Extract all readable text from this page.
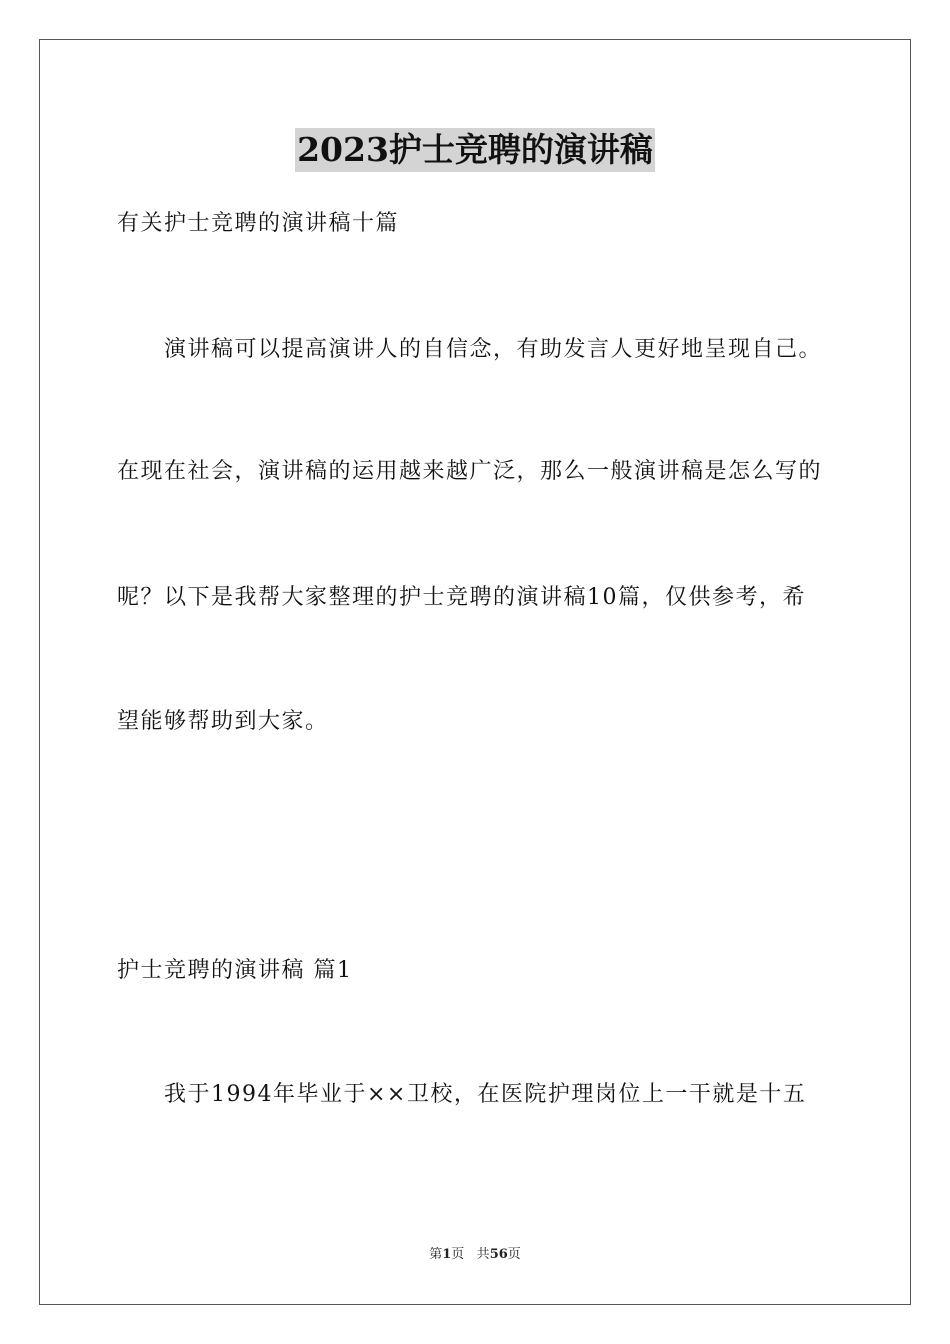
2023护士竞聘的演讲稿
有关护士竞聘的演讲稿十篇
演讲稿可以提高演讲人的自信念，有助发言人更好地呈现自己。
在现在社会，演讲稿的运用越来越广泛，那么一般演讲稿是怎么写的
呢？以下是我帮大家整理的护士竞聘的演讲稿10篇，仅供参考，希
望能够帮助到大家。
护士竞聘的演讲稿 篇1
我于1994年毕业于××卫校，在医院护理岗位上一干就是十五
第1页 共56页
